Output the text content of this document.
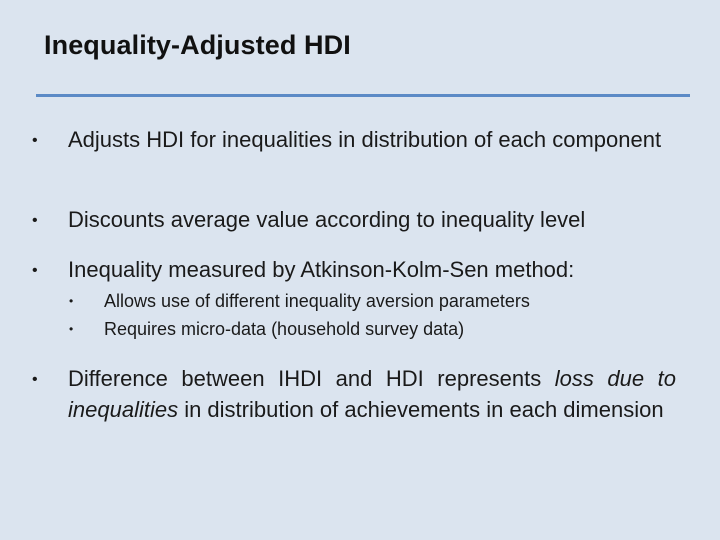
Inequality-Adjusted HDI
• Adjusts HDI for inequalities in distribution of each component
• Discounts average value according to inequality level
• Inequality measured by Atkinson-Kolm-Sen method:
• Allows use of different inequality aversion parameters
• Requires micro-data (household survey data)
• Difference between IHDI and HDI represents loss due to inequalities in distribution of achievements in each dimension
